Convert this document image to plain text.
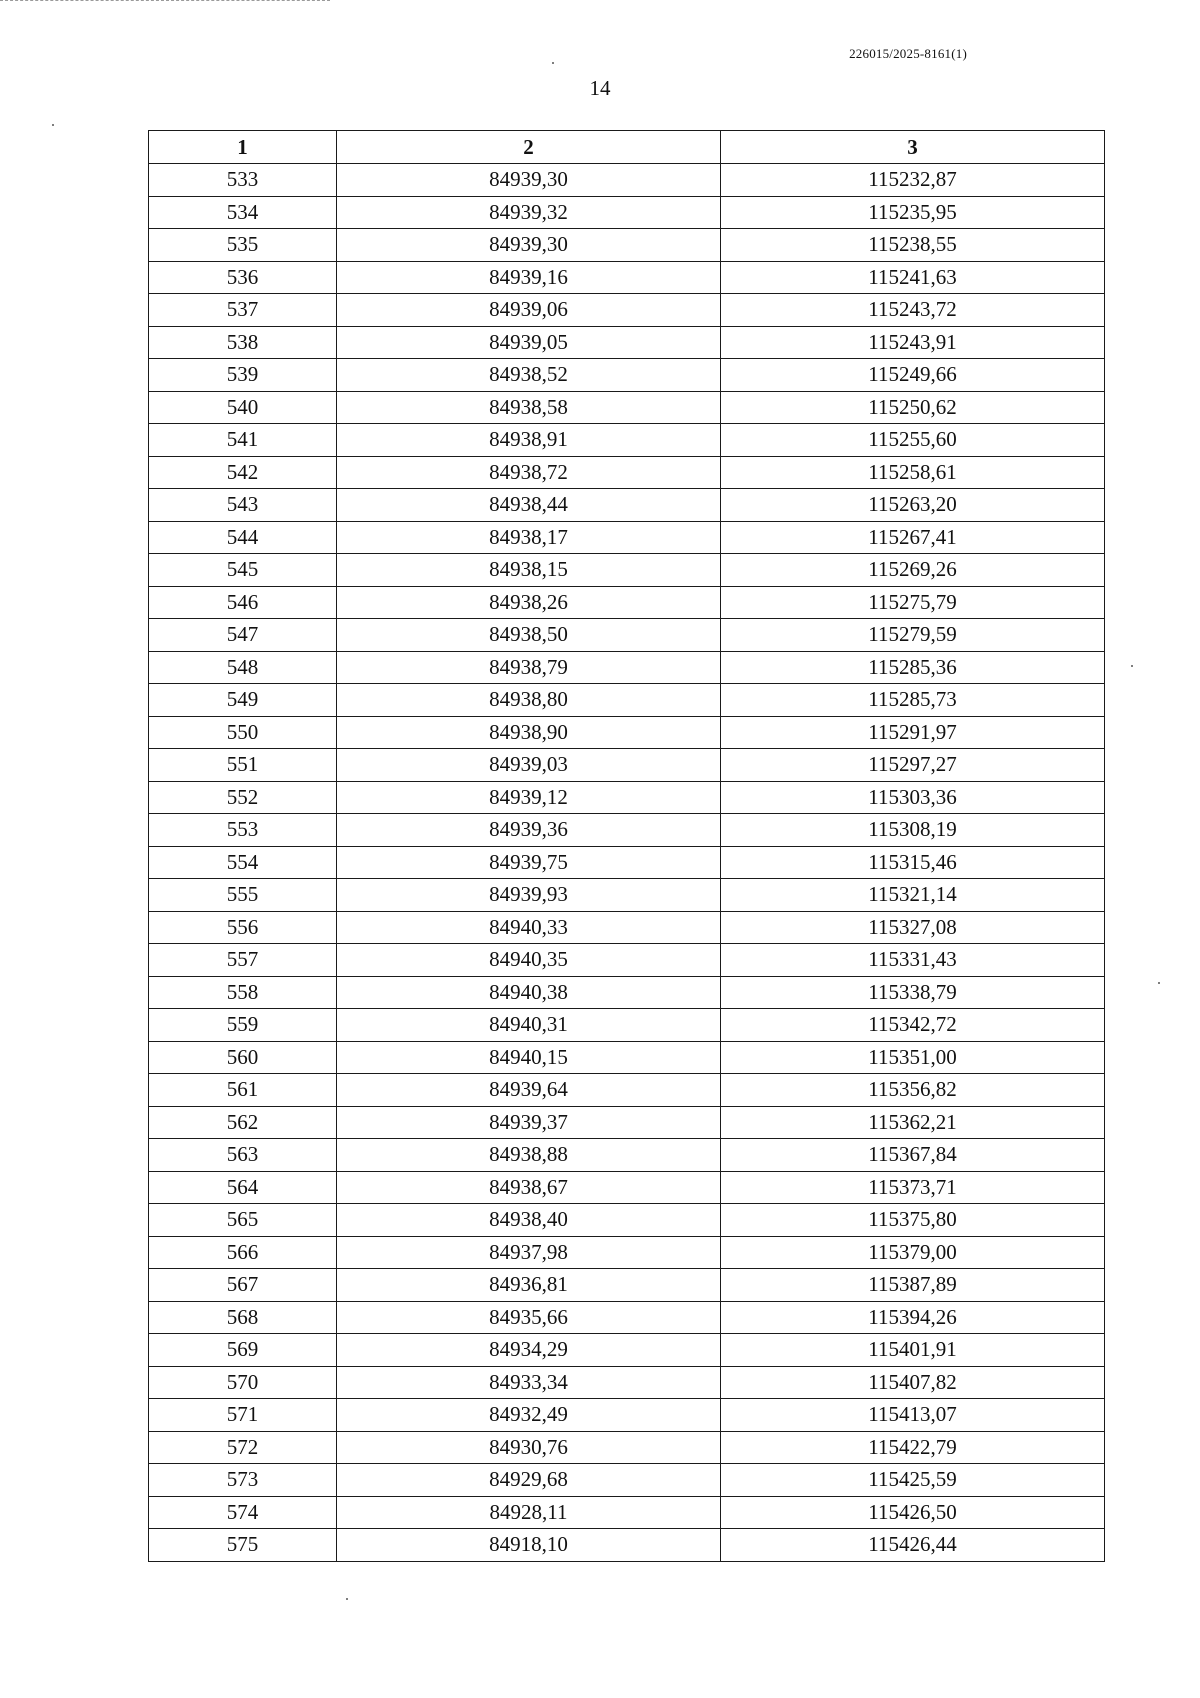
226015/2025-8161(1)
14
1	2	3
533	84939,30	115232,87
534	84939,32	115235,95
535	84939,30	115238,55
536	84939,16	115241,63
537	84939,06	115243,72
538	84939,05	115243,91
539	84938,52	115249,66
540	84938,58	115250,62
541	84938,91	115255,60
542	84938,72	115258,61
543	84938,44	115263,20
544	84938,17	115267,41
545	84938,15	115269,26
546	84938,26	115275,79
547	84938,50	115279,59
548	84938,79	115285,36
549	84938,80	115285,73
550	84938,90	115291,97
551	84939,03	115297,27
552	84939,12	115303,36
553	84939,36	115308,19
554	84939,75	115315,46
555	84939,93	115321,14
556	84940,33	115327,08
557	84940,35	115331,43
558	84940,38	115338,79
559	84940,31	115342,72
560	84940,15	115351,00
561	84939,64	115356,82
562	84939,37	115362,21
563	84938,88	115367,84
564	84938,67	115373,71
565	84938,40	115375,80
566	84937,98	115379,00
567	84936,81	115387,89
568	84935,66	115394,26
569	84934,29	115401,91
570	84933,34	115407,82
571	84932,49	115413,07
572	84930,76	115422,79
573	84929,68	115425,59
574	84928,11	115426,50
575	84918,10	115426,44
